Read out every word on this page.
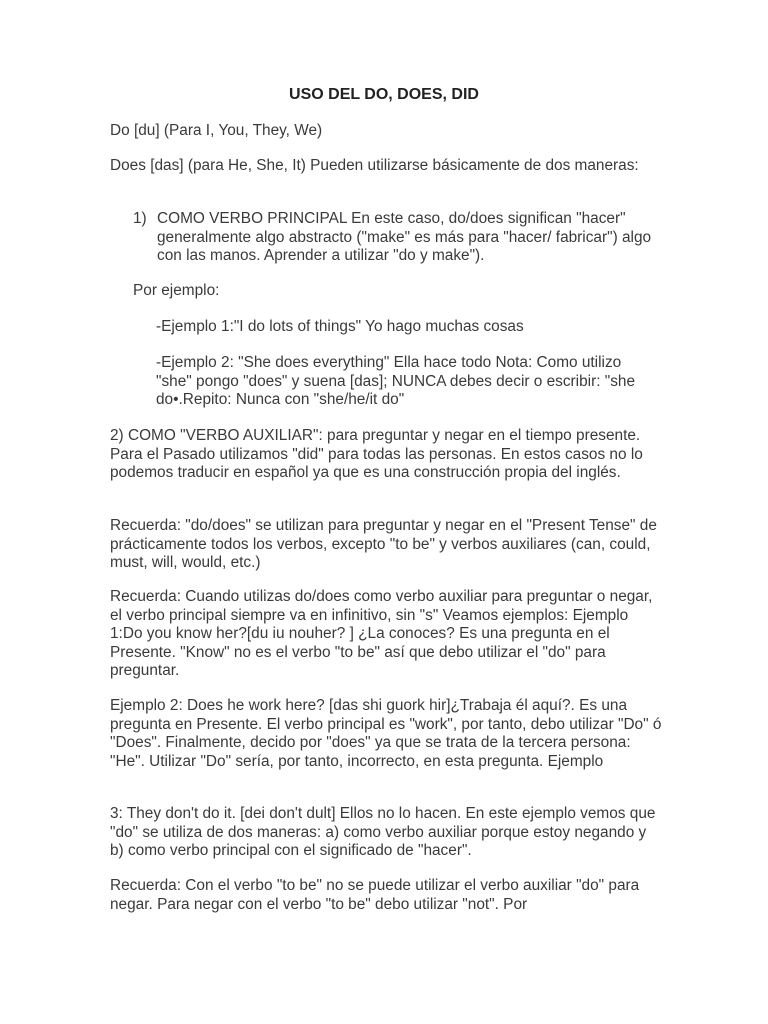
USO DEL DO, DOES, DID

Do [du] (Para I, You, They, We)

Does [das] (para He, She, It) Pueden utilizarse básicamente de dos maneras:

1) COMO VERBO PRINCIPAL En este caso, do/does significan "hacer" generalmente algo abstracto ("make" es más para "hacer/ fabricar") algo con las manos. Aprender a utilizar "do y make").

Por ejemplo:

-Ejemplo 1:"I do lots of things" Yo hago muchas cosas

-Ejemplo 2: "She does everything" Ella hace todo Nota: Como utilizo "she" pongo "does" y suena [das]; NUNCA debes decir o escribir: "she do•.Repito: Nunca con "she/he/it do"

2) COMO "VERBO AUXILIAR": para preguntar y negar en el tiempo presente. Para el Pasado utilizamos "did" para todas las personas. En estos casos no lo podemos traducir en español ya que es una construcción propia del inglés.

Recuerda: "do/does" se utilizan para preguntar y negar en el "Present Tense" de prácticamente todos los verbos, excepto "to be" y verbos auxiliares (can, could, must, will, would, etc.)

Recuerda: Cuando utilizas do/does como verbo auxiliar para preguntar o negar, el verbo principal siempre va en infinitivo, sin "s" Veamos ejemplos: Ejemplo 1:Do you know her?[du iu nouher? ] ¿La conoces? Es una pregunta en el Presente. "Know" no es el verbo "to be" así que debo utilizar el "do" para preguntar.

Ejemplo 2: Does he work here? [das shi guork hir]¿Trabaja él aquí?. Es una pregunta en Presente. El verbo principal es "work", por tanto, debo utilizar "Do" ó "Does". Finalmente, decido por "does" ya que se trata de la tercera persona: "He". Utilizar "Do" sería, por tanto, incorrecto, en esta pregunta. Ejemplo

3: They don't do it. [dei don't dult] Ellos no lo hacen. En este ejemplo vemos que "do" se utiliza de dos maneras: a) como verbo auxiliar porque estoy negando y b) como verbo principal con el significado de "hacer".

Recuerda: Con el verbo "to be" no se puede utilizar el verbo auxiliar "do" para negar. Para negar con el verbo "to be" debo utilizar "not". Por
